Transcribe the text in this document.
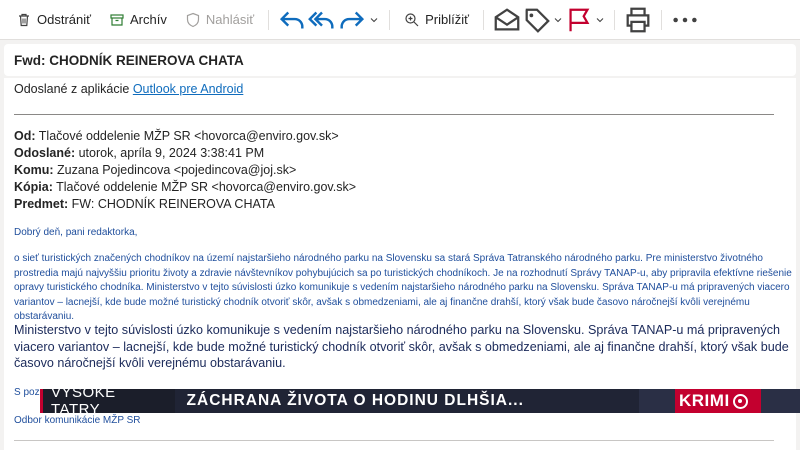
Odstrániť	Archív	Nahlásiť	Priblížiť
Fwd: CHODNÍK REINEROVA CHATA
Odoslané z aplikácie Outlook pre Android
Od: Tlačové oddelenie MŽP SR <hovorca@enviro.gov.sk>
Odoslané: utorok, apríla 9, 2024 3:38:41 PM
Komu: Zuzana Pojedincova <pojedincova@joj.sk>
Kópia: Tlačové oddelenie MŽP SR <hovorca@enviro.gov.sk>
Predmet: FW: CHODNÍK REINEROVA CHATA
Dobrý deň, pani redaktorka,
o sieť turistických značených chodníkov na území najstaršieho národného parku na Slovensku sa stará Správa Tatranského národného parku. Pre ministerstvo životného prostredia majú najvyššiu prioritu životy a zdravie návštevníkov pohybujúcich sa po turistických chodníkoch. Je na rozhodnutí Správy TANAP-u, aby pripravila efektívne riešenie opravy turistického chodníka. Ministerstvo v tejto súvislosti úzko komunikuje s vedením najstaršieho národného parku na Slovensku. Správa TANAP-u má pripravených viacero variantov – lacnejší, kde bude možné turistický chodník otvoriť skôr, avšak s obmedzeniami, ale aj finančne drahší, ktorý však bude časovo náročnejší kvôli verejnému obstarávaniu.
Ministerstvo v tejto súvislosti úzko komunikuje s vedením najstaršieho národného parku na Slovensku. Správa TANAP-u má pripravených viacero variantov – lacnejší, kde bude možné turistický chodník otvoriť skôr, avšak s obmedzeniami, ale aj finančne drahší, ktorý však bude časovo náročnejší kvôli verejnému obstarávaniu.
S poz
Odbor komunikácie MŽP SR
VYSOKÉ TATRY
ZÁCHRANA ŽIVOTA O HODINU DLHŠIA...	KRIMI
